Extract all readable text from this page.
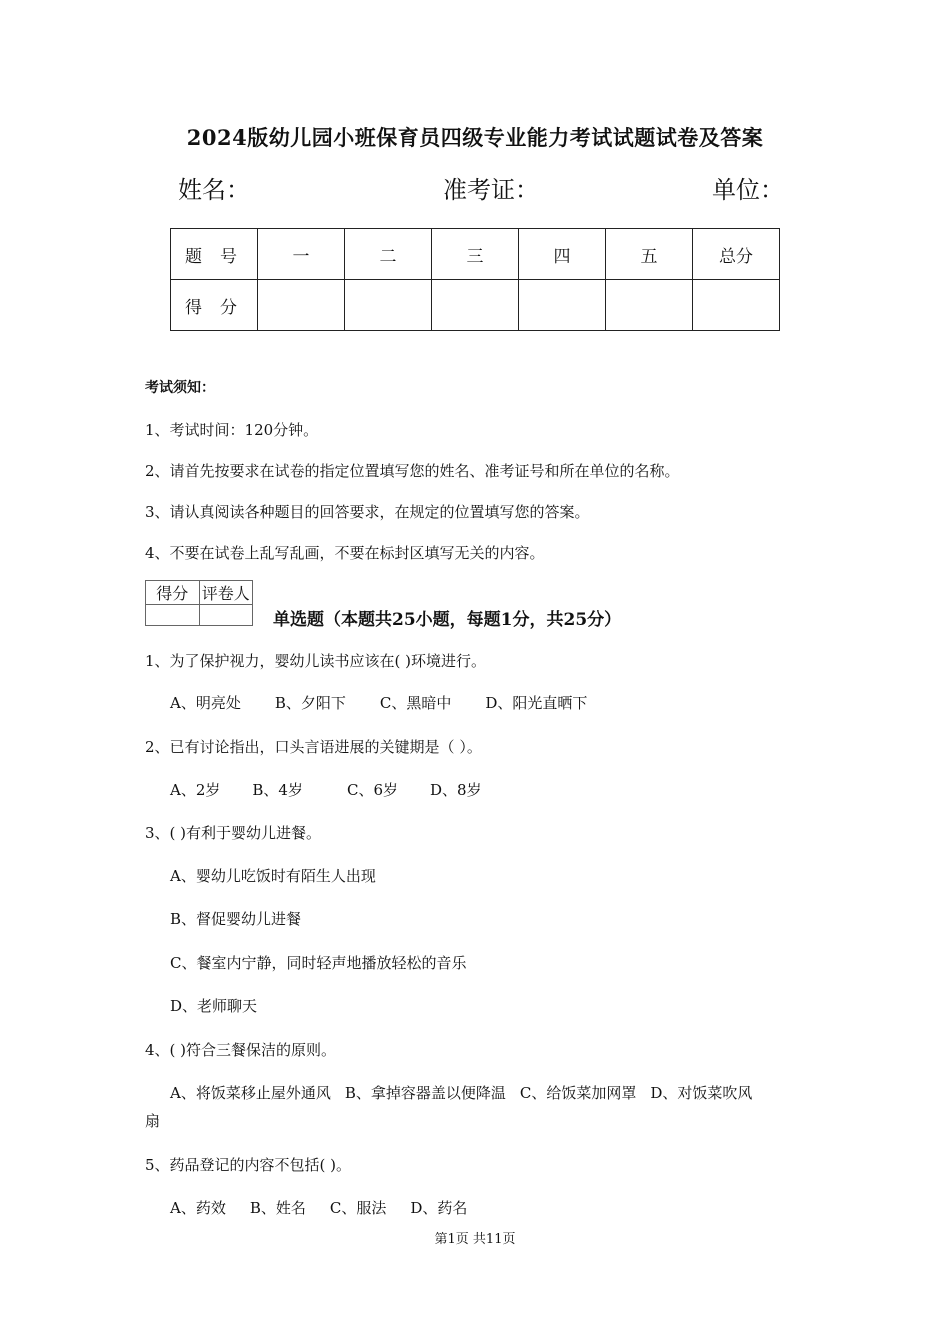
2024版幼儿园小班保育员四级专业能力考试试题试卷及答案
姓名：	准考证：	单位：
题号	一	二	三	四	五	总分
得分						
考试须知：
1、考试时间：120分钟。
2、请首先按要求在试卷的指定位置填写您的姓名、准考证号和所在单位的名称。
3、请认真阅读各种题目的回答要求，在规定的位置填写您的答案。
4、不要在试卷上乱写乱画，不要在标封区填写无关的内容。
得分	评卷人

单选题（本题共25小题，每题1分，共25分）
1、为了保护视力，婴幼儿读书应该在( )环境进行。
A、明亮处 B、夕阳下 C、黑暗中 D、阳光直晒下
2、已有讨论指出，口头言语进展的关键期是（ ）。
A、2岁 B、4岁	C、6岁 D、8岁
3、( )有利于婴幼儿进餐。
A、婴幼儿吃饭时有陌生人出现
B、督促婴幼儿进餐
C、餐室内宁静，同时轻声地播放轻松的音乐
D、老师聊天
4、( )符合三餐保洁的原则。
A、将饭菜移止屋外通风 B、拿掉容器盖以便降温 C、给饭菜加网罩 D、对饭菜吹风
扇
5、药品登记的内容不包括( )。
A、药效 B、姓名 C、服法 D、药名
第1页 共11页
